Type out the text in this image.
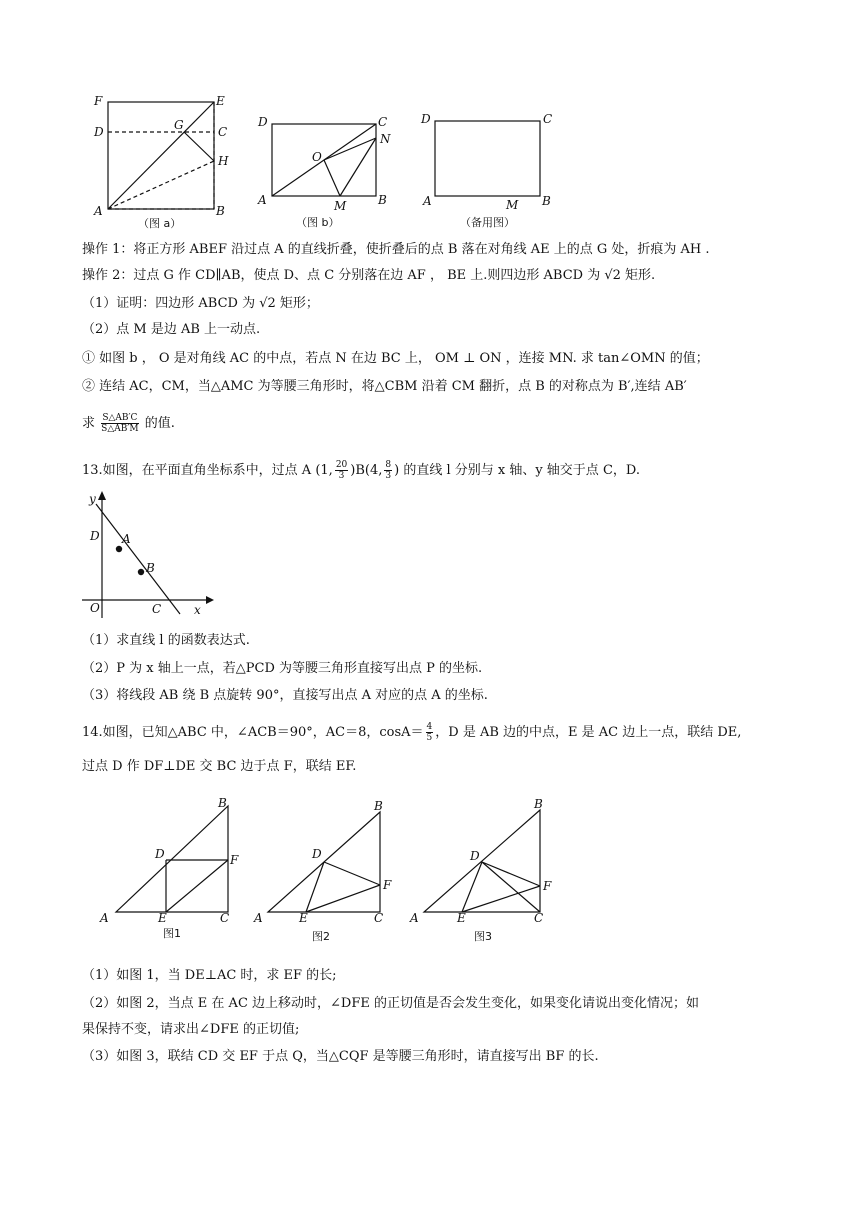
F	E
D	G	C
H
A	B
（图 a）
D	C
N
O
A	M	B
（图 b）
D	C
A	M B
（备用图）
操作 1：将正方形 ABEF 沿过点 A 的直线折叠，使折叠后的点 B 落在对角线 AE 上的点 G 处，折痕为 AH .
操作 2：过点 G 作 CD∥AB，使点 D、点 C 分别落在边 AF ， BE 上.则四边形 ABCD 为 √2 矩形.
（1）证明：四边形 ABCD 为 √2 矩形；
（2）点 M 是边 AB 上一动点.
① 如图 b ， O 是对角线 AC 的中点，若点 N 在边 BC 上， OM ⊥ ON ，连接 MN. 求 tan∠OMN 的值；
② 连结 AC，CM，当△AMC 为等腰三角形时，将△CBM 沿着 CM 翻折，点 B 的对称点为 B′,连结 AB′
求 $\frac{S\triangle AB'C}{S\triangle AB'M}$ 的值.
13.如图，在平面直角坐标系中，过点 A (1, $\frac{20}{3} )B(4$, $\frac{8}{3}$ ) 的直线 l 分别与 x 轴、y 轴交于点 C，D.
y
x
O
D A
B
C
（1）求直线 l 的函数表达式.
（2）P 为 x 轴上一点，若△PCD 为等腰三角形直接写出点 P 的坐标.
（3）将线段 AB 绕 B 点旋转 90°，直接写出点 A 对应的点 A 的坐标.
14.如图，已知△ABC 中，∠ACB＝90°，AC＝8，$\cos A= \frac{4}{5}$ ，D 是 AB 边的中点，E 是 AC 边上一点，联结 DE,
过点 D 作 DF⊥DE 交 BC 边于点 F，联结 EF.
B
D	F
A	E	C
图1
B
D
F
A	E	C
图2
B
D
F
A	E	C
图3
（1）如图 1，当 DE⊥AC 时，求 EF 的长;
（2）如图 2，当点 E 在 AC 边上移动时，∠DFE 的正切值是否会发生变化，如果变化请说出变化情况；如
果保持不变，请求出∠DFE 的正切值;
（3）如图 3，联结 CD 交 EF 于点 Q，当△CQF 是等腰三角形时，请直接写出 BF 的长.
